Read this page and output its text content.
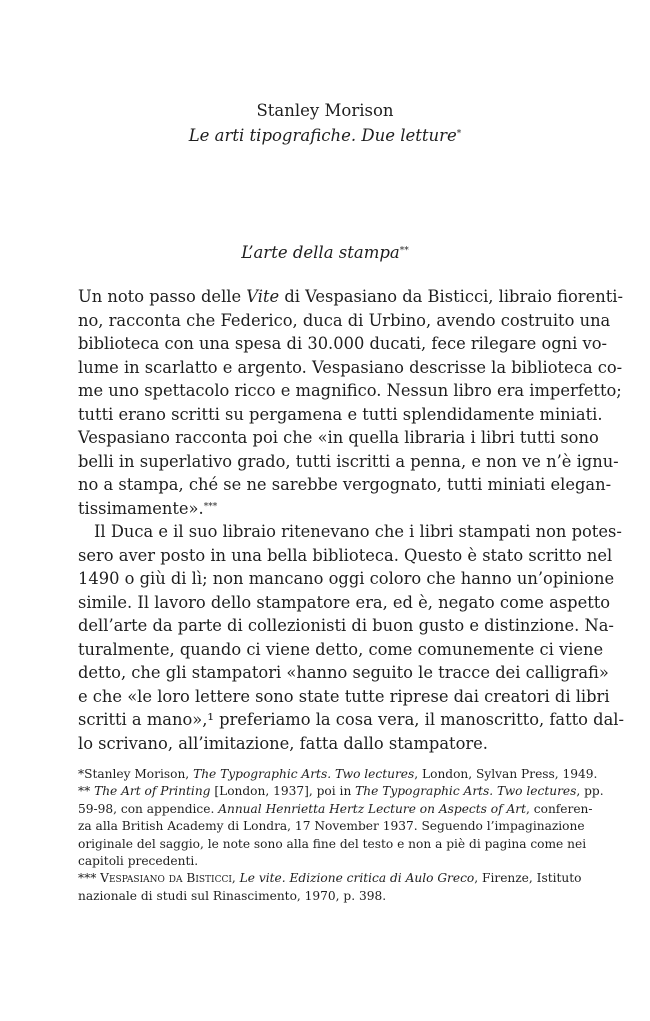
Stanley Morison
Le arti tipografiche. Due letture*
L’arte della stampa**
Un noto passo delle Vite di Vespasiano da Bisticci, libraio fiorenti-
no, racconta che Federico, duca di Urbino, avendo costruito una
biblioteca con una spesa di 30.000 ducati, fece rilegare ogni vo-
lume in scarlatto e argento. Vespasiano descrisse la biblioteca co-
me uno spettacolo ricco e magnifico. Nessun libro era imperfetto;
tutti erano scritti su pergamena e tutti splendidamente miniati.
Vespasiano racconta poi che «in quella libraria i libri tutti sono
belli in superlativo grado, tutti iscritti a penna, e non ve n’è ignu-
no a stampa, ché se ne sarebbe vergognato, tutti miniati elegan-
tissimamente».***
Il Duca e il suo libraio ritenevano che i libri stampati non potes-
sero aver posto in una bella biblioteca. Questo è stato scritto nel
1490 o giù di lì; non mancano oggi coloro che hanno un’opinione
simile. Il lavoro dello stampatore era, ed è, negato come aspetto
dell’arte da parte di collezionisti di buon gusto e distinzione. Na-
turalmente, quando ci viene detto, come comunemente ci viene
detto, che gli stampatori «hanno seguito le tracce dei calligrafi»
e che «le loro lettere sono state tutte riprese dai creatori di libri
scritti a mano»,¹ preferiamo la cosa vera, il manoscritto, fatto dal-
lo scrivano, all’imitazione, fatta dallo stampatore.
*Stanley Morison, The Typographic Arts. Two lectures, London, Sylvan Press, 1949.
** The Art of Printing [London, 1937], poi in The Typographic Arts. Two lectures, pp.
59-98, con appendice. Annual Henrietta Hertz Lecture on Aspects of Art, conferen-
za alla British Academy di Londra, 17 November 1937. Seguendo l’impaginazione
originale del saggio, le note sono alla fine del testo e non a piè di pagina come nei
capitoli precedenti.
*** Vespasiano da Bisticci, Le vite. Edizione critica di Aulo Greco, Firenze, Istituto
nazionale di studi sul Rinascimento, 1970, p. 398.
